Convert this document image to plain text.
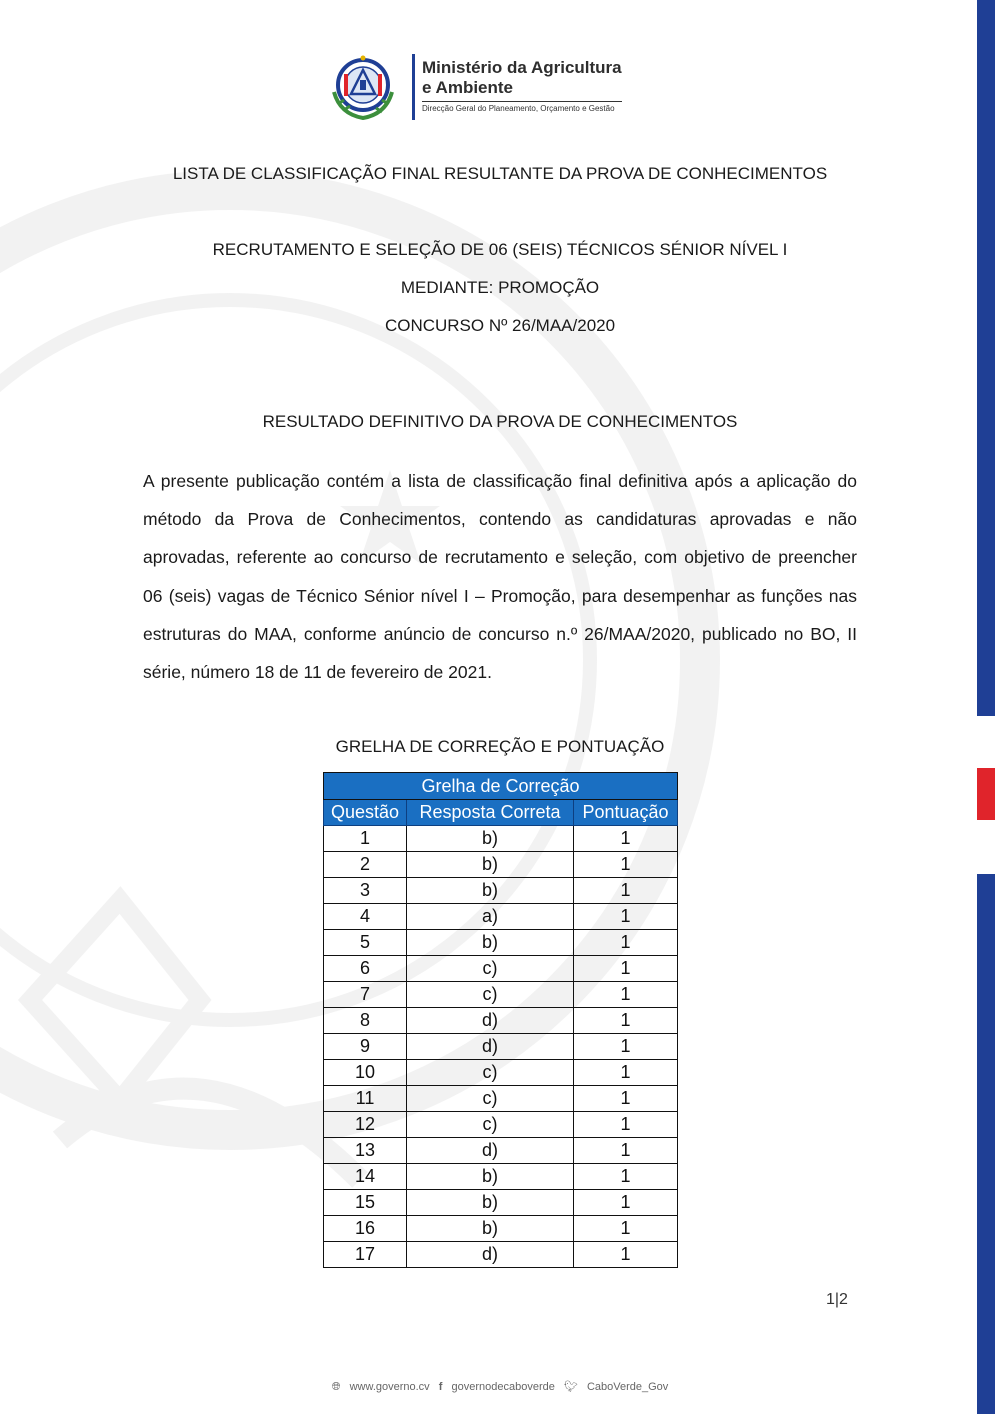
Ministério da Agricultura
e Ambiente
Direcção Geral do Planeamento, Orçamento e Gestão
LISTA DE CLASSIFICAÇÃO FINAL RESULTANTE DA PROVA DE CONHECIMENTOS
RECRUTAMENTO E SELEÇÃO DE 06 (SEIS) TÉCNICOS SÉNIOR NÍVEL I
MEDIANTE: PROMOÇÃO
CONCURSO Nº 26/MAA/2020
RESULTADO DEFINITIVO DA PROVA DE CONHECIMENTOS

A presente publicação contém a lista de classificação final definitiva após a aplicação do método da Prova de Conhecimentos, contendo as candidaturas aprovadas e não aprovadas, referente ao concurso de recrutamento e seleção, com objetivo de preencher 06 (seis) vagas de Técnico Sénior nível I – Promoção, para desempenhar as funções nas estruturas do MAA, conforme anúncio de concurso n.º 26/MAA/2020, publicado no BO, II série, número 18 de 11 de fevereiro de 2021.

GRELHA DE CORREÇÃO E PONTUAÇÃO
Grelha de Correção		
Questão	Resposta Correta	Pontuação
1	b)	1
2	b)	1
3	b)	1
4	a)	1
5	b)	1
6	c)	1
7	c)	1
8	d)	1
9	d)	1
10	c)	1
11	c)	1
12	c)	1
13	d)	1
14	b)	1
15	b)	1
16	b)	1
17	d)	1
1|2
🌐︎ www.governo.cv f governodecaboverde 🐦︎ CaboVerde_Gov
